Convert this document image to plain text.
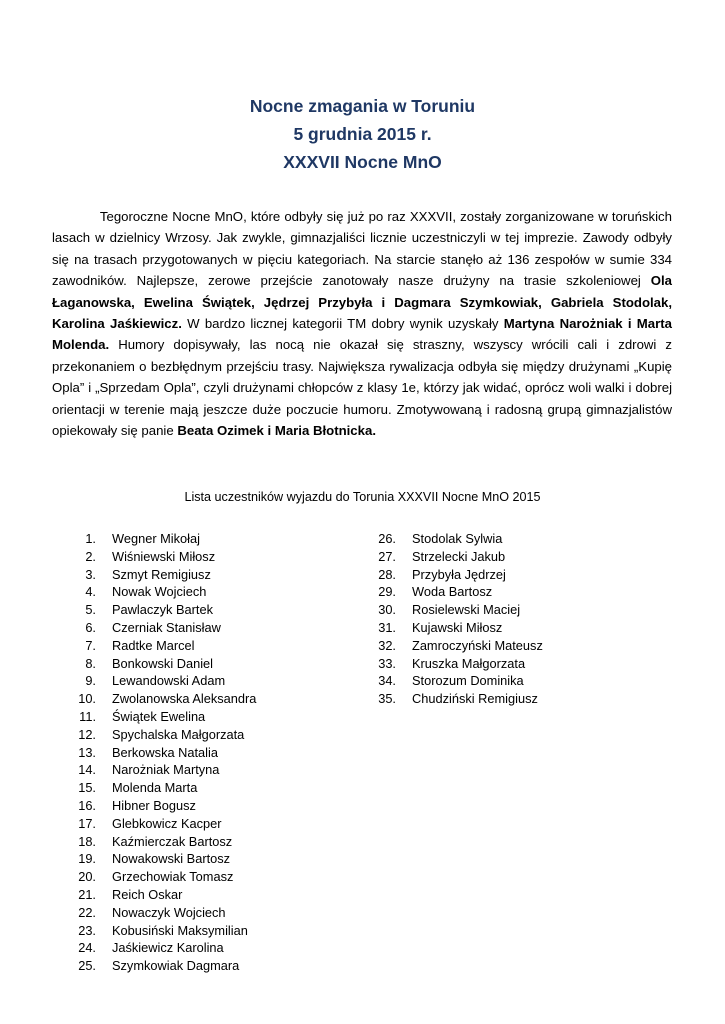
Nocne zmagania w Toruniu
5 grudnia 2015 r.
XXXVII Nocne MnO

Tegoroczne Nocne MnO, które odbyły się już po raz XXXVII, zostały zorganizowane w toruńskich lasach w dzielnicy Wrzosy. Jak zwykle, gimnazjaliści licznie uczestniczyli w tej imprezie. Zawody odbyły się na trasach przygotowanych w pięciu kategoriach. Na starcie stanęło aż 136 zespołów w sumie 334 zawodników. Najlepsze, zerowe przejście zanotowały nasze drużyny na trasie szkoleniowej Ola Łaganowska, Ewelina Świątek, Jędrzej Przybyła i Dagmara Szymkowiak, Gabriela Stodolak, Karolina Jaśkiewicz. W bardzo licznej kategorii TM dobry wynik uzyskały Martyna Narożniak i Marta Molenda. Humory dopisywały, las nocą nie okazał się straszny, wszyscy wrócili cali i zdrowi z przekonaniem o bezbłędnym przejściu trasy. Największa rywalizacja odbyła się między drużynami „Kupię Opla” i „Sprzedam Opla”, czyli drużynami chłopców z klasy 1e, którzy jak widać, oprócz woli walki i dobrej orientacji w terenie mają jeszcze duże poczucie humoru. Zmotywowaną i radosną grupą gimnazjalistów opiekowały się panie Beata Ozimek i Maria Błotnicka.

Lista uczestników wyjazdu do Torunia XXXVII Nocne MnO 2015
1. Wegner Mikołaj
2. Wiśniewski Miłosz
3. Szmyt Remigiusz
4. Nowak Wojciech
5. Pawlaczyk Bartek
6. Czerniak Stanisław
7. Radtke Marcel
8. Bonkowski Daniel
9.Lewandowski Adam
10. Zwolanowska Aleksandra
11. Świątek Ewelina
12. Spychalska Małgorzata
13. Berkowska Natalia
14. Narożniak Martyna
15. Molenda Marta
16. Hibner Bogusz
17. Glebkowicz Kacper
18. Kaźmierczak Bartosz
19. Nowakowski Bartosz
20. Grzechowiak Tomasz
21. Reich Oskar
22. Nowaczyk Wojciech
23. Kobusiński Maksymilian
24. Jaśkiewicz Karolina
25. Szymkowiak Dagmara
26. Stodolak Sylwia
27. Strzelecki Jakub
28. Przybyła Jędrzej
29. Woda Bartosz
30. Rosielewski Maciej
31. Kujawski Miłosz
32. Zamroczyński Mateusz
33. Kruszka Małgorzata
34. Storozum Dominika
35. Chudziński Remigiusz
